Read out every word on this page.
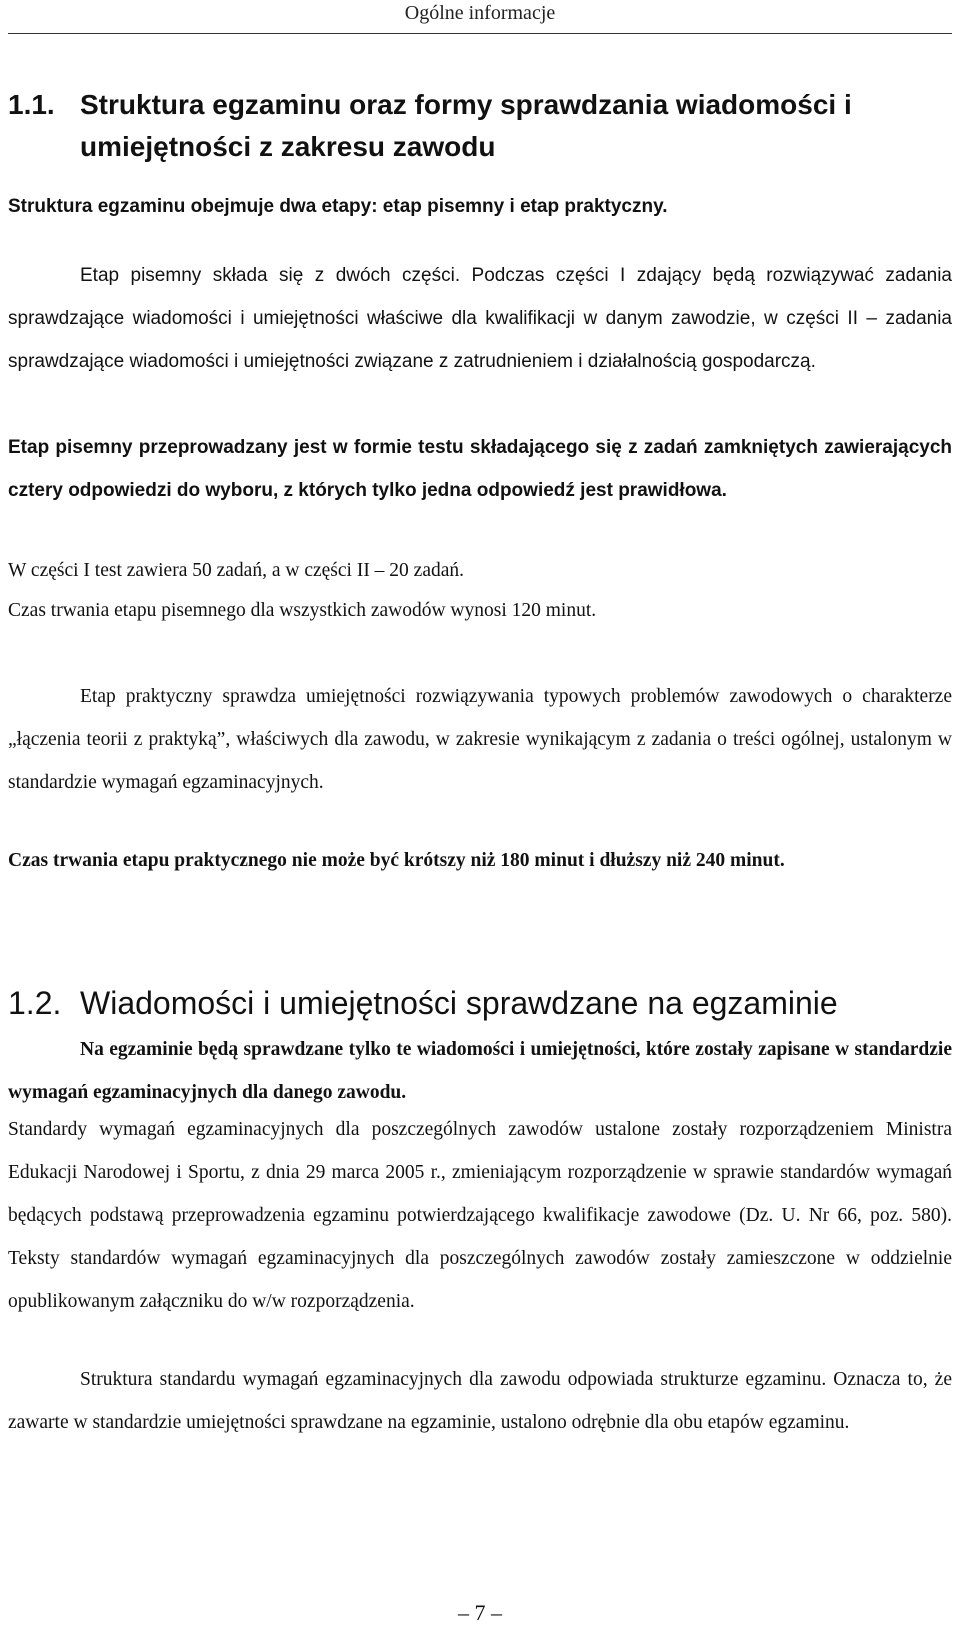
Ogólne informacje
1.1. Struktura egzaminu oraz formy sprawdzania wiadomości i umiejętności z zakresu zawodu

Struktura egzaminu obejmuje dwa etapy: etap pisemny i etap praktyczny.

Etap pisemny składa się z dwóch części. Podczas części I zdający będą rozwiązywać zadania sprawdzające wiadomości i umiejętności właściwe dla kwalifikacji w danym zawodzie, w części II – zadania sprawdzające wiadomości i umiejętności związane z zatrudnieniem i działalnością gospodarczą.

Etap pisemny przeprowadzany jest w formie testu składającego się z zadań zamkniętych zawierających cztery odpowiedzi do wyboru, z których tylko jedna odpowiedź jest prawidłowa.

W części I test zawiera 50 zadań, a w części II – 20 zadań.

Czas trwania etapu pisemnego dla wszystkich zawodów wynosi 120 minut.

Etap praktyczny sprawdza umiejętności rozwiązywania typowych problemów zawodowych o charakterze „łączenia teorii z praktyką”, właściwych dla zawodu, w zakresie wynikającym z zadania o treści ogólnej, ustalonym w standardzie wymagań egzaminacyjnych.

Czas trwania etapu praktycznego nie może być krótszy niż 180 minut i dłuższy niż 240 minut.

1.2. Wiadomości i umiejętności sprawdzane na egzaminie

Na egzaminie będą sprawdzane tylko te wiadomości i umiejętności, które zostały zapisane w standardzie wymagań egzaminacyjnych dla danego zawodu.

Standardy wymagań egzaminacyjnych dla poszczególnych zawodów ustalone zostały rozporządzeniem Ministra Edukacji Narodowej i Sportu, z dnia 29 marca 2005 r., zmieniającym rozporządzenie w sprawie standardów wymagań będących podstawą przeprowadzenia egzaminu potwierdzającego kwalifikacje zawodowe (Dz. U. Nr 66, poz. 580). Teksty standardów wymagań egzaminacyjnych dla poszczególnych zawodów zostały zamieszczone w oddzielnie opublikowanym załączniku do w/w rozporządzenia.

Struktura standardu wymagań egzaminacyjnych dla zawodu odpowiada strukturze egzaminu. Oznacza to, że zawarte w standardzie umiejętności sprawdzane na egzaminie, ustalono odrębnie dla obu etapów egzaminu.

– 7 –
